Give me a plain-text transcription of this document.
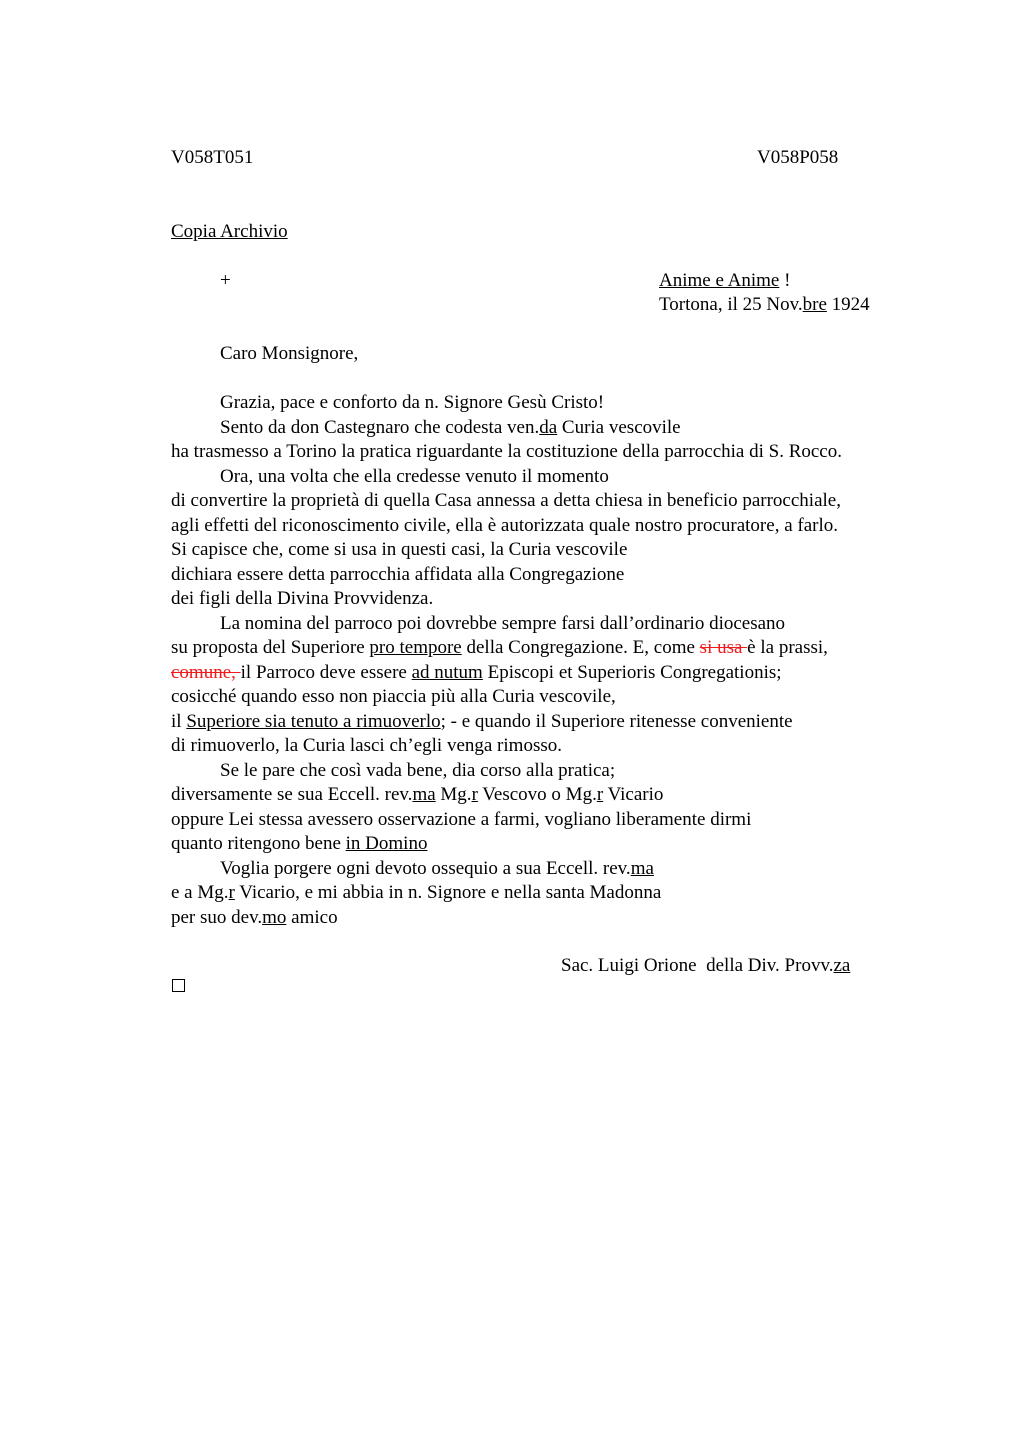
V058T051	V058P058
Copia Archivio
+	Anime e Anime !
Tortona, il 25 Nov.bre 1924
Caro Monsignore,
Grazia, pace e conforto da n. Signore Gesù Cristo!
Sento da don Castegnaro che codesta ven.da Curia vescovile
ha trasmesso a Torino la pratica riguardante la costituzione della parrocchia di S. Rocco.
Ora, una volta che ella credesse venuto il momento
di convertire la proprietà di quella Casa annessa a detta chiesa in beneficio parrocchiale,
agli effetti del riconoscimento civile, ella è autorizzata quale nostro procuratore, a farlo.
Si capisce che, come si usa in questi casi, la Curia vescovile
dichiara essere detta parrocchia affidata alla Congregazione
dei figli della Divina Provvidenza.
La nomina del parroco poi dovrebbe sempre farsi dall’ordinario diocesano
su proposta del Superiore pro tempore della Congregazione. E, come si usa è la prassi,
comune, il Parroco deve essere ad nutum Episcopi et Superioris Congregationis;
cosicché quando esso non piaccia più alla Curia vescovile,
il Superiore sia tenuto a rimuoverlo; - e quando il Superiore ritenesse conveniente
di rimuoverlo, la Curia lasci ch’egli venga rimosso.
Se le pare che così vada bene, dia corso alla pratica;
diversamente se sua Eccell. rev.ma Mg.r Vescovo o Mg.r Vicario
oppure Lei stessa avessero osservazione a farmi, vogliano liberamente dirmi
quanto ritengono bene in Domino
Voglia porgere ogni devoto ossequio a sua Eccell. rev.ma
e a Mg.r Vicario, e mi abbia in n. Signore e nella santa Madonna
per suo dev.mo amico
Sac. Luigi Orione  della Div. Provv.za
